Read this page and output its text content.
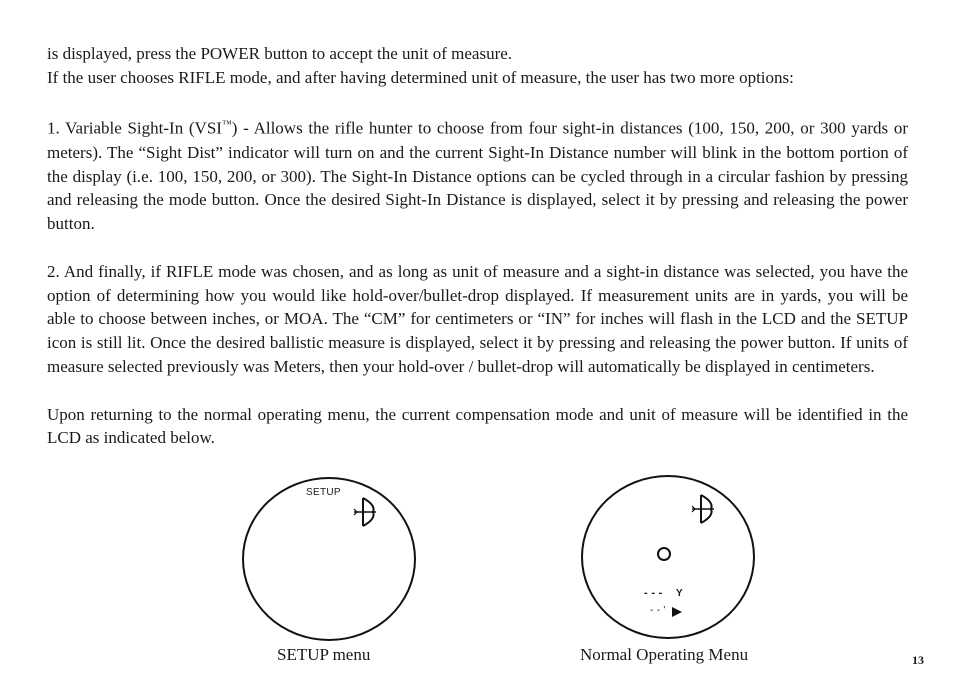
is displayed, press the POWER button to accept the unit of measure.

If the user chooses RIFLE mode, and after having determined unit of measure, the user has two more options:

1. Variable Sight-In (VSI™) - Allows the rifle hunter to choose from four sight-in distances (100, 150, 200, or 300 yards or meters). The “Sight Dist” indicator will turn on and the current Sight-In Distance number will blink in the bottom portion of the display (i.e. 100, 150, 200, or 300). The Sight-In Distance options can be cycled through in a circular fashion by pressing and releasing the mode button. Once the desired Sight-In Distance is displayed, select it by pressing and releasing the power button.

2. And finally, if RIFLE mode was chosen, and as long as unit of measure and a sight-in distance was selected, you have the option of determining how you would like hold-over/bullet-drop displayed. If measurement units are in yards, you will be able to choose between inches, or MOA. The “CM” for centimeters or “IN” for inches will flash in the LCD and the SETUP icon is still lit. Once the desired ballistic measure is displayed, select it by pressing and releasing the power button. If units of measure selected previously was Meters, then your hold-over / bullet-drop will automatically be displayed in centimeters.

Upon returning to the normal operating menu, the current compensation mode and unit of measure will be identified in the LCD as indicated below.

SETUP
SETUP menu
- - - Y
- - '
Normal Operating Menu	13
